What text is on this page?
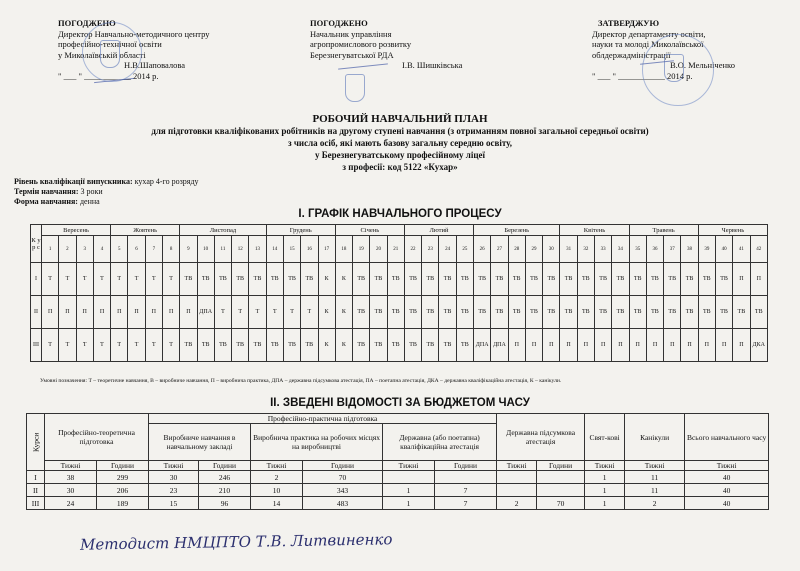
ПОГОДЖЕНО
Директор Навчально-методичного центру
професійно-технічної освіти
у Миколаївській області
Н.В.Шаповалова
" ___ " ___________ 2014 р.
ПОГОДЖЕНО
Начальник управління
агропромислового розвитку
Березнегуватської РДА
І.В. Шишківська
ЗАТВЕРДЖУЮ
Директор департаменту освіти,
науки та молоді Миколаївської
облдержадміністрації
В.О. Мельніченко
" ___ " ___________ 2014 р.
РОБОЧИЙ НАВЧАЛЬНИЙ ПЛАН
для підготовки кваліфікованих робітників на другому ступені навчання (з отриманням повної загальної середньої освіти)
з числа осіб, які мають базову загальну середню освіту,
у Березнегуватському професійному ліцеї
з професії: код 5122 «Кухар»
Рівень кваліфікації випускника: кухар 4-го розряду
Термін навчання: 3 роки
Форма навчання: денна
І. ГРАФІК НАВЧАЛЬНОГО ПРОЦЕСУ
К у р с	Вересень				Жовтень				Листопад					Грудень				Січень				Лютий				Березень					Квітень				Травень				Червень			
	1	2	3	4	5	6	7	8	9	10	11	12	13	14	15	16	17	18	19	20	21	22	23	24	25	26	27	28	29	30	31	32	33	34	35	36	37	38	39	40	41	42
I	Т	Т	Т	Т	Т	Т	Т	Т	ТВ	ТВ	ТВ	ТВ	ТВ	ТВ	ТВ	ТВ	К	К	ТВ	ТВ	ТВ	ТВ	ТВ	ТВ	ТВ	ТВ	ТВ	ТВ	ТВ	ТВ	ТВ	ТВ	ТВ	ТВ	ТВ	ТВ	ТВ	ТВ	ТВ	ТВ	П	П
II	П	П	П	П	П	П	П	П	П	ДПА	Т	Т	Т	Т	Т	Т	К	К	ТВ	ТВ	ТВ	ТВ	ТВ	ТВ	ТВ	ТВ	ТВ	ТВ	ТВ	ТВ	ТВ	ТВ	ТВ	ТВ	ТВ	ТВ	ТВ	ТВ	ТВ	ТВ	ТВ	ТВ
III	Т	Т	Т	Т	Т	Т	Т	Т	ТВ	ТВ	ТВ	ТВ	ТВ	ТВ	ТВ	ТВ	К	К	ТВ	ТВ	ТВ	ТВ	ТВ	ТВ	ТВ	ДПА	ДПА	П	П	П	П	П	П	П	П	П	П	П	П	П	П	ДКА
Умовні позначення: Т – теоретичне навчання, В – виробниче навчання, П – виробнича практика, ДПА – державна підсумкова атестація, ПА – поетапна атестація, ДКА – державна кваліфікаційна атестація, К – канікули.
ІІ. ЗВЕДЕНІ ВІДОМОСТІ ЗА БЮДЖЕТОМ ЧАСУ
Курси	Професійно-теоретична підготовка		Професійно-практична підготовка						Державна підсумкова атестація		Свят-кові	Канікули	Всього навчального часу
			Виробниче навчання в навчальному закладі		Виробнича практика на робочих місцях на виробництві		Державна (або поетапна) кваліфікаційна атестація						
	Тижні	Години	Тижні	Години	Тижні	Години	Тижні	Години	Тижні	Години	Тижні	Тижні	Тижні
I	38	299	30	246	2	70					1	11	40
II	30	206	23	210	10	343	1	7			1	11	40
III	24	189	15	96	14	483	1	7	2	70	1	2	40
Методист НМЦПТО Т.В. Литвиненко
